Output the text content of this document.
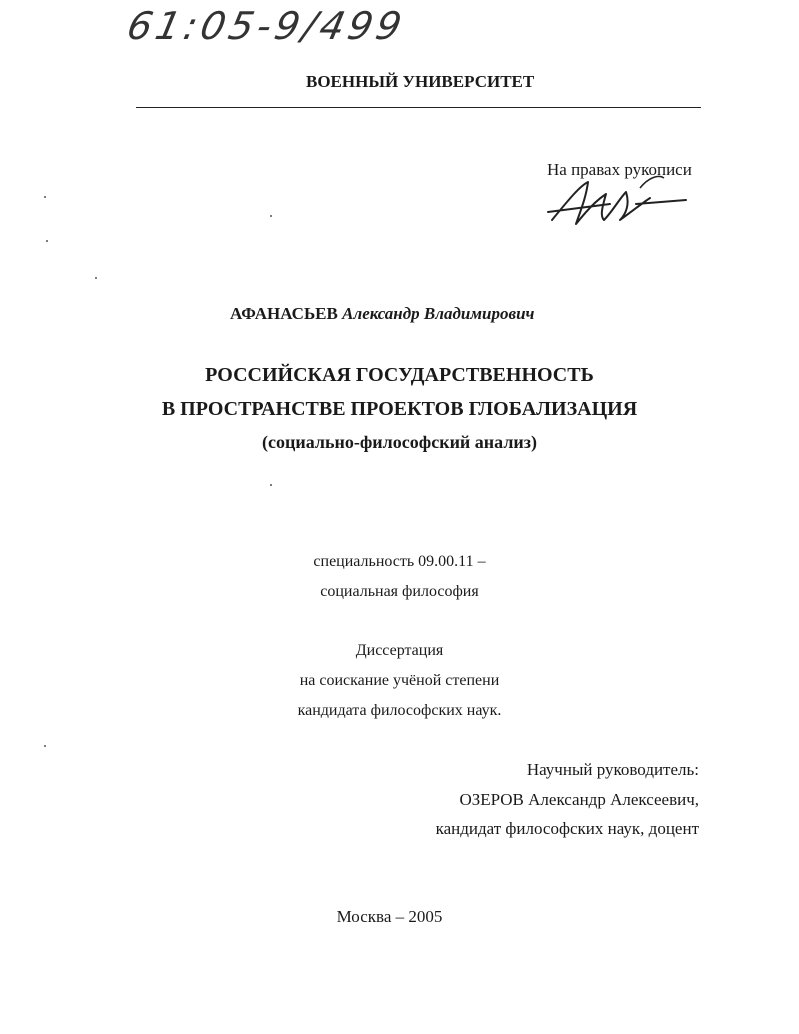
61:05-9/499
ВОЕННЫЙ УНИВЕРСИТЕТ
На правах рукописи
АФАНАСЬЕВ Александр Владимирович
РОССИЙСКАЯ ГОСУДАРСТВЕННОСТЬ
В ПРОСТРАНСТВЕ ПРОЕКТОВ ГЛОБАЛИЗАЦИЯ
(социально-философский анализ)
специальность 09.00.11 –
социальная философия
Диссертация
на соискание учёной степени
кандидата философских наук.
Научный руководитель:
ОЗЕРОВ Александр Алексеевич,
кандидат философских наук, доцент
Москва – 2005
